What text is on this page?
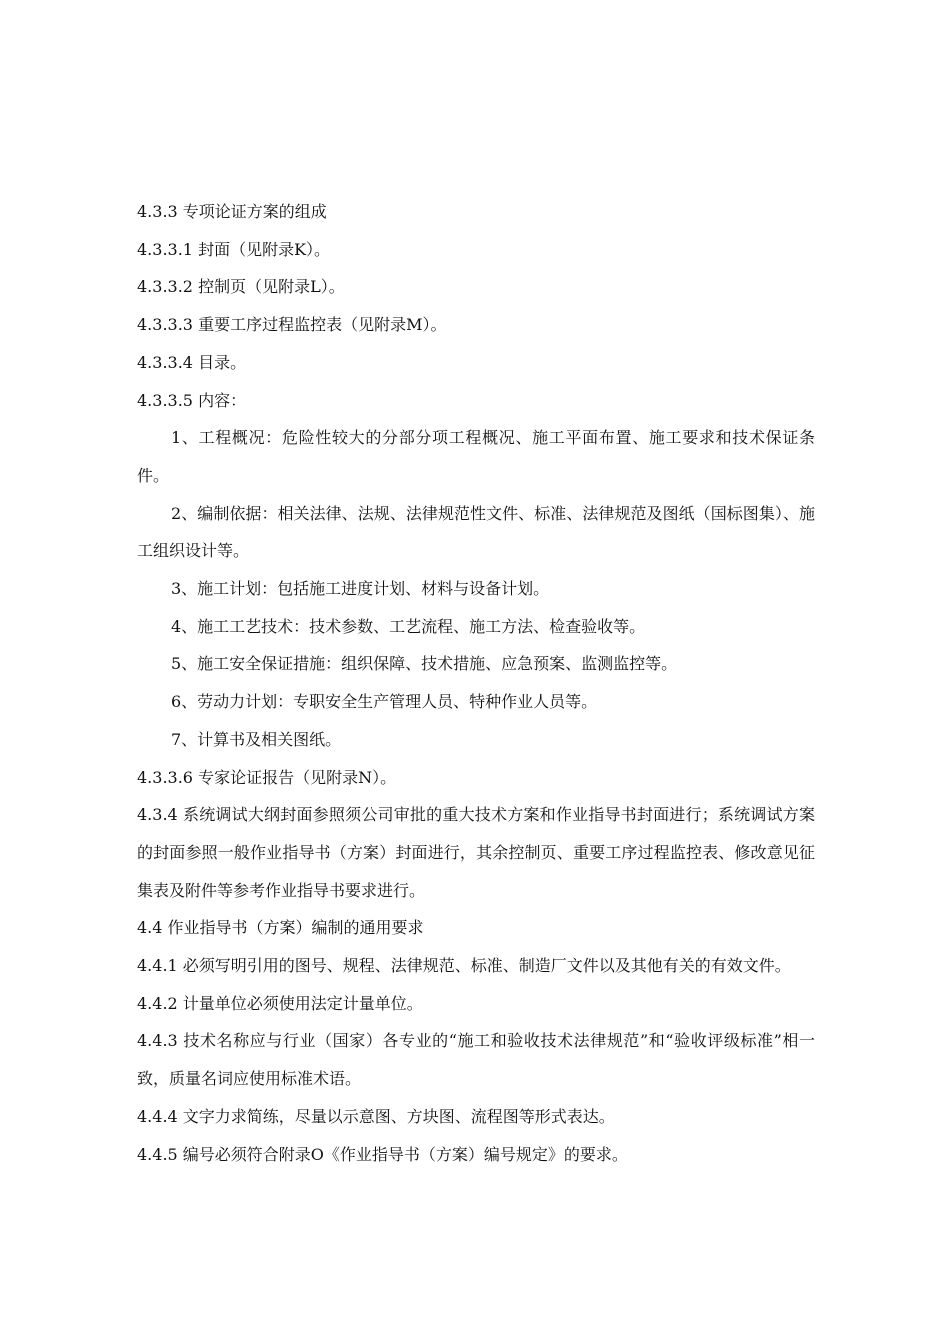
4.3.3 专项论证方案的组成
4.3.3.1 封面（见附录K）。
4.3.3.2 控制页（见附录L）。
4.3.3.3 重要工序过程监控表（见附录M）。
4.3.3.4 目录。
4.3.3.5 内容：
1、工程概况：危险性较大的分部分项工程概况、施工平面布置、施工要求和技术保证条件。
2、编制依据：相关法律、法规、法律规范性文件、标准、法律规范及图纸（国标图集）、施工组织设计等。
3、施工计划：包括施工进度计划、材料与设备计划。
4、施工工艺技术：技术参数、工艺流程、施工方法、检查验收等。
5、施工安全保证措施：组织保障、技术措施、应急预案、监测监控等。
6、劳动力计划：专职安全生产管理人员、特种作业人员等。
7、计算书及相关图纸。
4.3.3.6 专家论证报告（见附录N）。
4.3.4 系统调试大纲封面参照须公司审批的重大技术方案和作业指导书封面进行；系统调试方案的封面参照一般作业指导书（方案）封面进行，其余控制页、重要工序过程监控表、修改意见征集表及附件等参考作业指导书要求进行。
4.4 作业指导书（方案）编制的通用要求
4.4.1 必须写明引用的图号、规程、法律规范、标准、制造厂文件以及其他有关的有效文件。
4.4.2 计量单位必须使用法定计量单位。
4.4.3 技术名称应与行业（国家）各专业的“施工和验收技术法律规范”和“验收评级标准”相一致，质量名词应使用标准术语。
4.4.4 文字力求简练，尽量以示意图、方块图、流程图等形式表达。
4.4.5 编号必须符合附录O《作业指导书（方案）编号规定》的要求。
